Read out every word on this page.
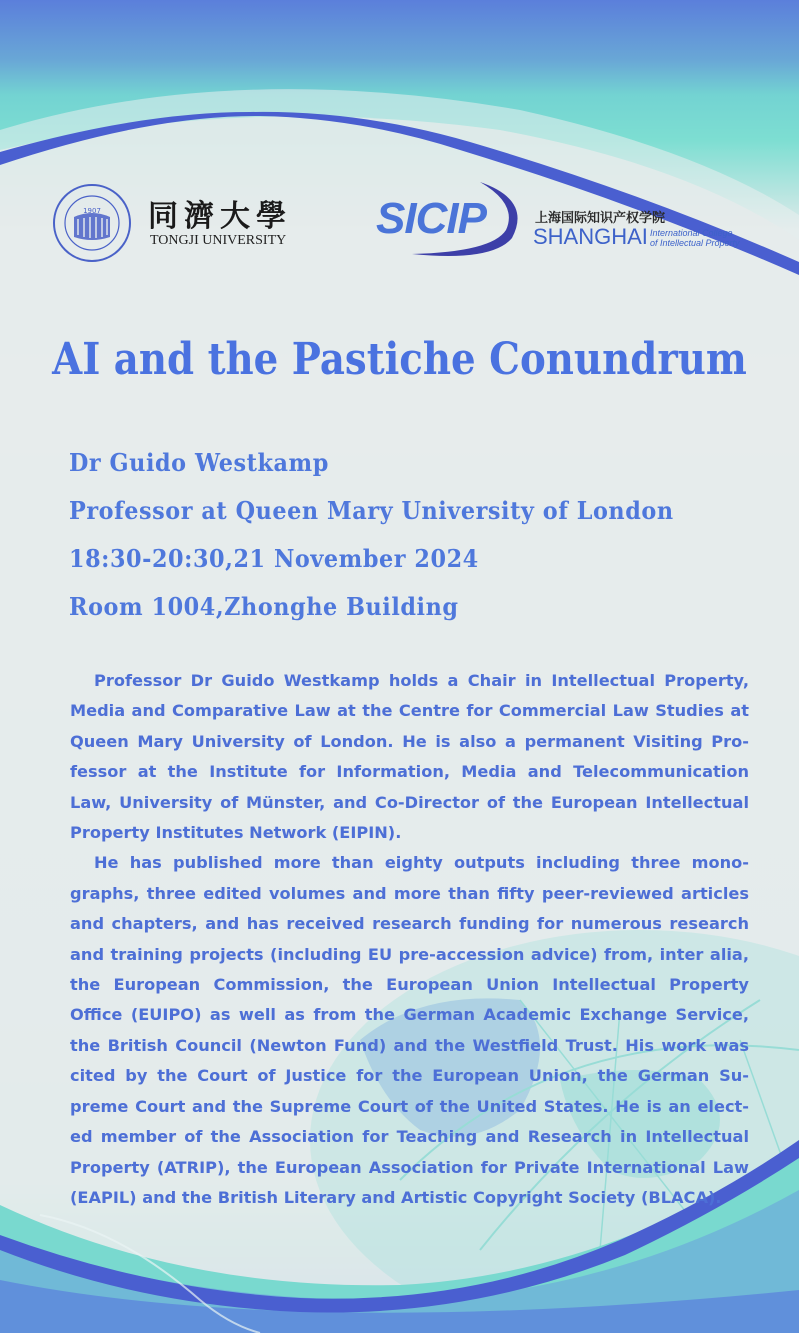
1907 同濟大學
TONGJI UNIVERSITY SICIP	上海国际知识产权学院
SHANGHAI International College
of Intellectual Property
AI and the Pastiche Conundrum
Dr Guido Westkamp
Professor at Queen Mary University of London
18:30-20:30,21 November 2024
Room 1004,Zhonghe Building

Professor Dr Guido Westkamp holds a Chair in Intellectual Property, Media and Comparative Law at the Centre for Commercial Law Studies at Queen Mary University of London. He is also a permanent Visiting Pro-fessor at the Institute for Information, Media and Telecommunication Law, University of Münster, and Co-Director of the European Intellectual Property Institutes Network (EIPIN).

He has published more than eighty outputs including three mono-graphs, three edited volumes and more than fifty peer-reviewed articles and chapters, and has received research funding for numerous research and training projects (including EU pre-accession advice) from, inter alia, the European Commission, the European Union Intellectual Property Office (EUIPO) as well as from the German Academic Exchange Service, the British Council (Newton Fund) and the Westfield Trust. His work was cited by the Court of Justice for the European Union, the German Su-preme Court and the Supreme Court of the United States. He is an elect-ed member of the Association for Teaching and Research in Intellectual Property (ATRIP), the European Association for Private International Law (EAPIL) and the British Literary and Artistic Copyright Society (BLACA).
